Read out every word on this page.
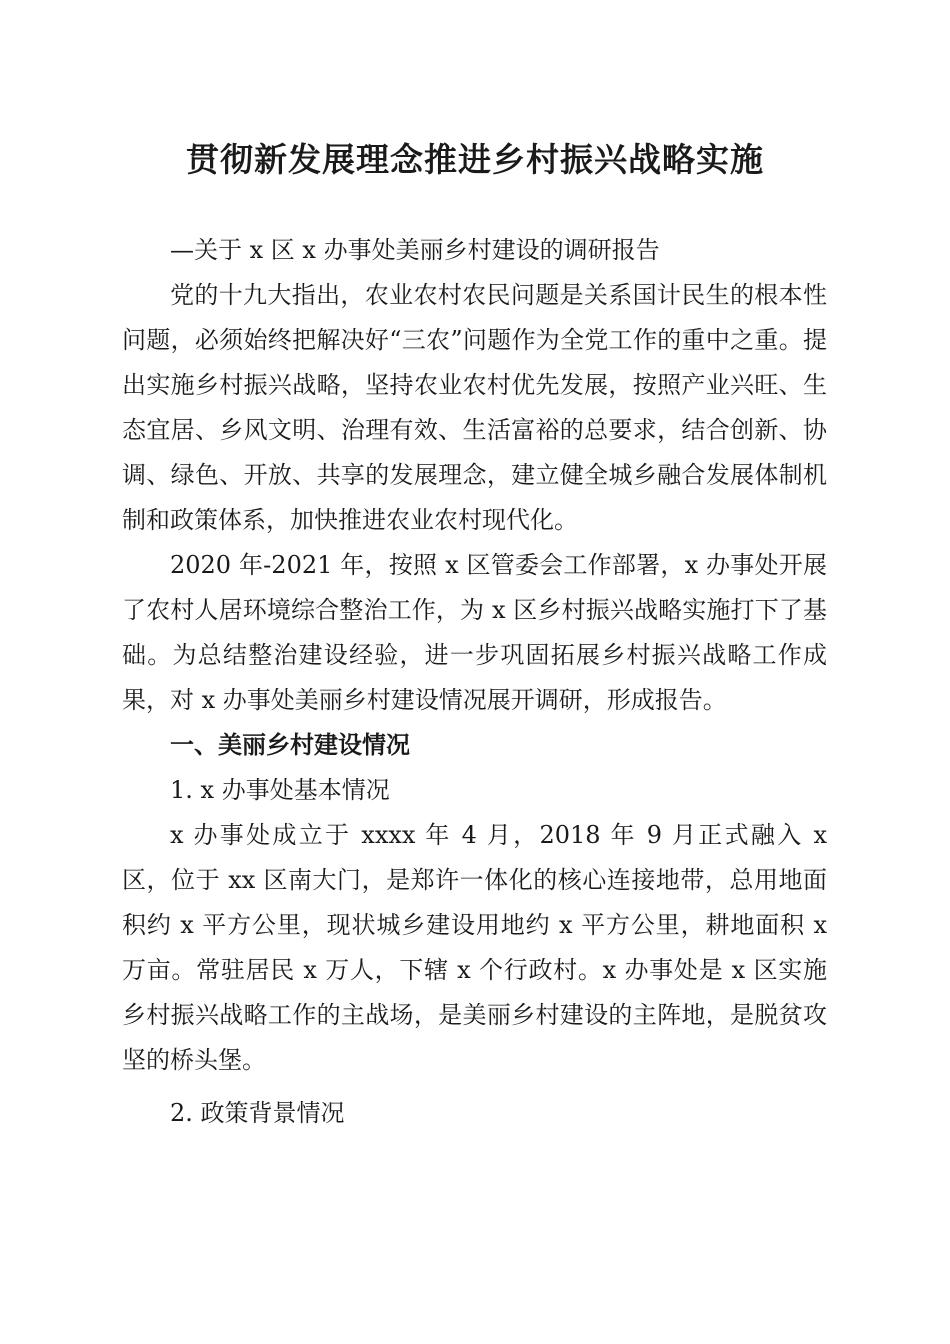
贯彻新发展理念推进乡村振兴战略实施

—关于 x 区 x 办事处美丽乡村建设的调研报告

党的十九大指出，农业农村农民问题是关系国计民生的根本性问题，必须始终把解决好“三农”问题作为全党工作的重中之重。提出实施乡村振兴战略，坚持农业农村优先发展，按照产业兴旺、生态宜居、乡风文明、治理有效、生活富裕的总要求，结合创新、协调、绿色、开放、共享的发展理念，建立健全城乡融合发展体制机制和政策体系，加快推进农业农村现代化。

2020 年-2021 年，按照 x 区管委会工作部署，x 办事处开展了农村人居环境综合整治工作，为 x 区乡村振兴战略实施打下了基础。为总结整治建设经验，进一步巩固拓展乡村振兴战略工作成果，对 x 办事处美丽乡村建设情况展开调研，形成报告。

一、美丽乡村建设情况

1. x 办事处基本情况

x 办事处成立于 xxxx 年 4 月，2018 年 9 月正式融入 x 区，位于 xx 区南大门，是郑许一体化的核心连接地带，总用地面积约 x 平方公里，现状城乡建设用地约 x 平方公里，耕地面积 x 万亩。常驻居民 x 万人，下辖 x 个行政村。x 办事处是 x 区实施乡村振兴战略工作的主战场，是美丽乡村建设的主阵地，是脱贫攻坚的桥头堡。

2. 政策背景情况
